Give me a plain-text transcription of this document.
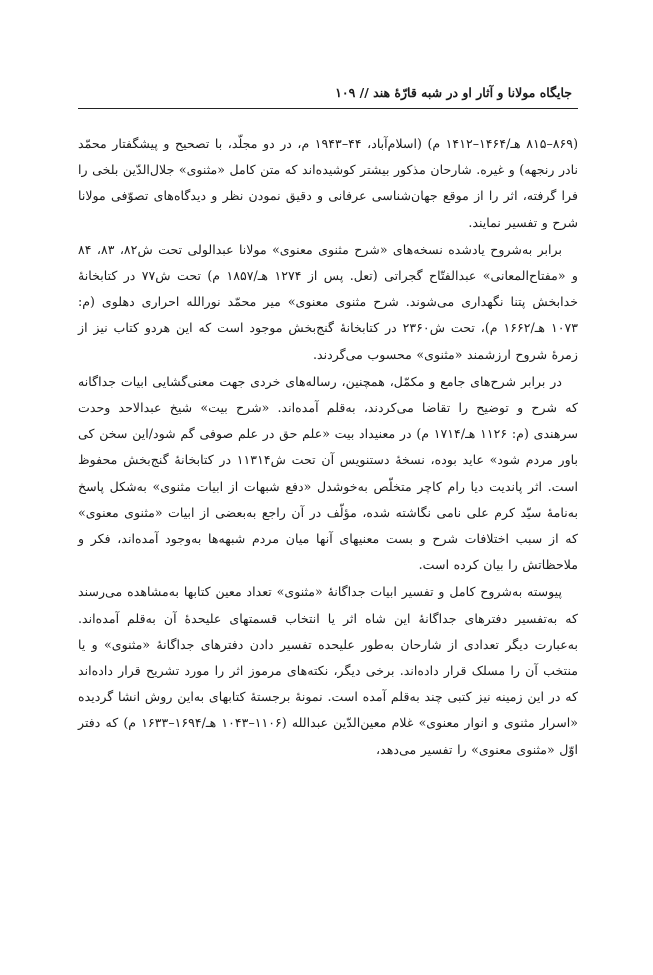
جایگاه مولانا و آثار او در شبه قارّهٔ هند // ۱۰۹

(۸۶۹–۸۱۵ هـ/۱۴۶۴–۱۴۱۲ م) (اسلام‌آباد، ۴۴–۱۹۴۳ م، در دو مجلّد، با تصحیح و پیشگفتار محمّد نادر رنجهه) و غیره. شارحان مذکور بیشتر کوشیده‌اند که متن کامل «مثنوی» جلال‌الدّین بلخی را فرا گرفته، اثر را از موقع جهان‌شناسی عرفانی و دقیق نمودن نظر و دیدگاه‌های تصوّفی مولانا شرح و تفسیر نمایند.

برابر به‌شروح یادشده نسخه‌های «شرح مثنوی معنوی» مولانا عبدالولی تحت ش۸۲، ۸۳، ۸۴ و «مفتاح‌المعانی» عبدالفتّاح گجراتی (تعل. پس از ۱۲۷۴ هـ/۱۸۵۷ م) تحت ش۷۷ در کتابخانهٔ خدابخش پتنا نگهداری می‌شوند. شرح مثنوی معنوی» میر محمّد نورالله احراری دهلوی (م: ۱۰۷۳ هـ/۱۶۶۲ م)، تحت ش۲۳۶۰ در کتابخانهٔ گنج‌بخش موجود است که این هردو کتاب نیز از زمرهٔ شروح ارزشمند «مثنوی» محسوب می‌گردند.

در برابر شرح‌های جامع و مکمّل، همچنین، رساله‌های خردی جهت معنی‌گشایی ابیات جداگانه که شرح و توضیح را تقاضا می‌کردند، به‌قلم آمده‌اند. «شرح بیت» شیخ عبدالاحد وحدت سرهندی (م: ۱۱۲۶ هـ/۱۷۱۴ م) در معنیداد بیت «علم حق در علم صوفی گم شود/این سخن کی باور مردم شود» عاید بوده، نسخهٔ دستنویس آن تحت ش۱۱۳۱۴ در کتابخانهٔ گنج‌بخش محفوظ است. اثر پاندیت دیا رام کاچر متخلّص به‌خوشدل «دفع شبهات از ابیات مثنوی» به‌شکل پاسخ به‌نامهٔ سیّد کرم علی نامی نگاشته شده، مؤلّف در آن راجع به‌بعضی از ابیات «مثنوی معنوی» که از سبب اختلافات شرح و بست معنیهای آنها میان مردم شبهه‌ها به‌وجود آمده‌اند، فکر و ملاحظاتش را بیان کرده است.

پیوسته به‌شروح کامل و تفسیر ابیات جداگانهٔ «مثنوی» تعداد معین کتابها به‌مشاهده می‌رسند که به‌تفسیر دفترهای جداگانهٔ این شاه اثر یا انتخاب قسمتهای علیحدهٔ آن به‌قلم آمده‌اند. به‌عبارت دیگر تعدادی از شارحان به‌طور علیحده تفسیر دادن دفترهای جداگانهٔ «مثنوی» و یا منتخب آن را مسلک قرار داده‌اند. برخی دیگر، نکته‌های مرموز اثر را مورد تشریح قرار داده‌اند که در این زمینه نیز کتبی چند به‌قلم آمده است. نمونهٔ برجستهٔ کتابهای به‌این روش انشا گردیده «اسرار مثنوی و انوار معنوی» غلام معین‌الدّین عبدالله (۱۱۰۶–۱۰۴۳ هـ/۱۶۹۴–۱۶۳۳ م) که دفتر اوّل «مثنوی معنوی» را تفسیر می‌دهد،
